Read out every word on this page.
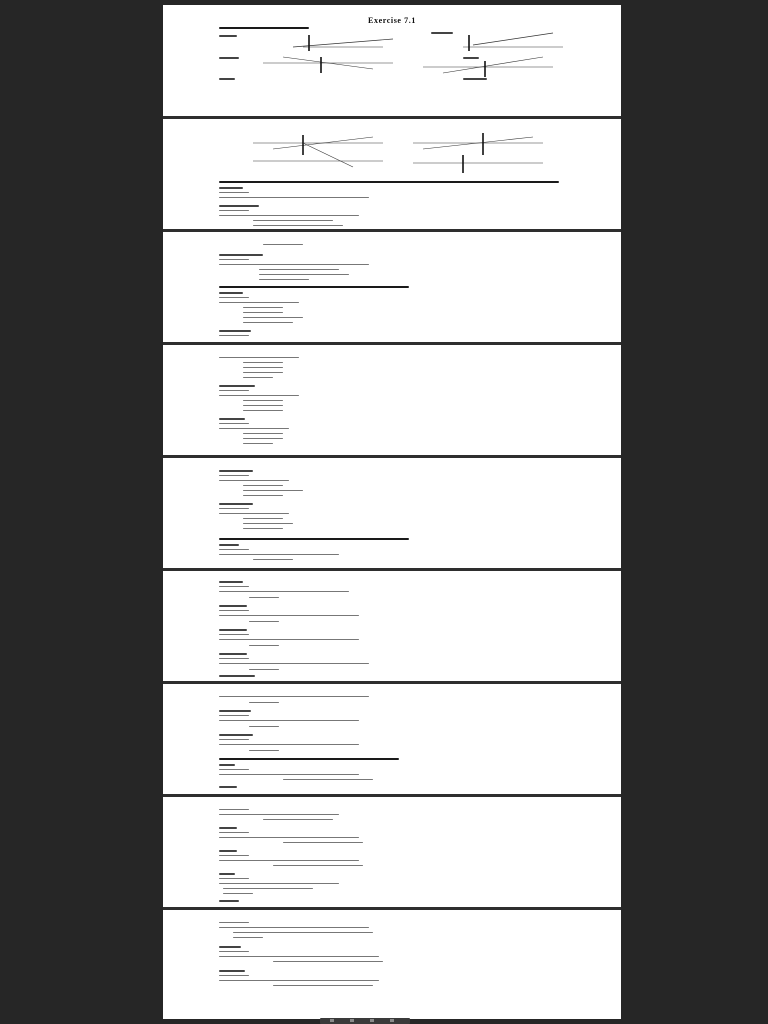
Exercise 7.1
